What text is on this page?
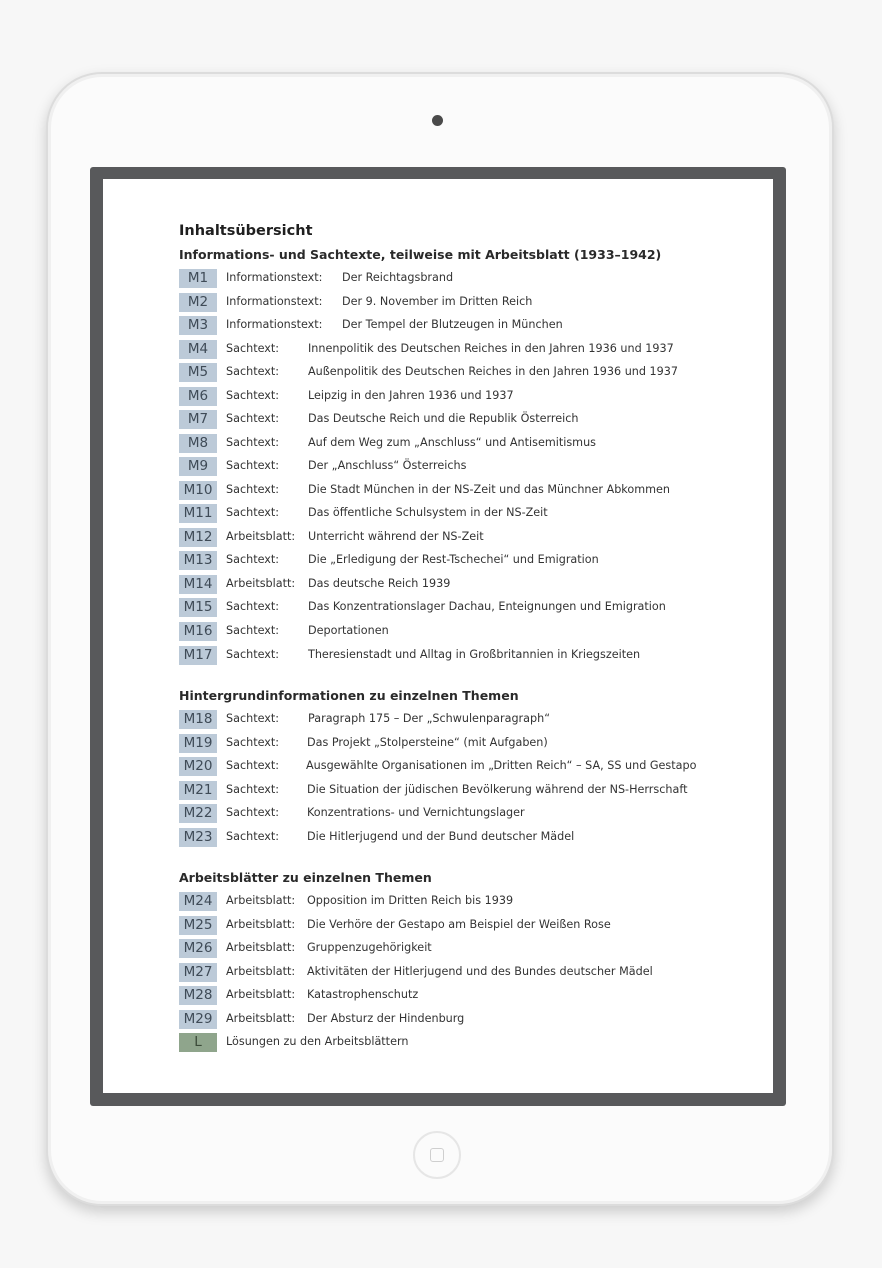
Inhaltsübersicht
Informations- und Sachtexte, teilweise mit Arbeitsblatt (1933–1942)
M1	Informationstext: Der Reichtagsbrand
M2	Informationstext: Der 9. November im Dritten Reich
M3	Informationstext: Der Tempel der Blutzeugen in München
M4	Sachtext:	Innenpolitik des Deutschen Reiches in den Jahren 1936 und 1937
M5	Sachtext:	Außenpolitik des Deutschen Reiches in den Jahren 1936 und 1937
M6	Sachtext:	Leipzig in den Jahren 1936 und 1937
M7	Sachtext:	Das Deutsche Reich und die Republik Österreich
M8	Sachtext:	Auf dem Weg zum „Anschluss“ und Antisemitismus
M9	Sachtext:	Der „Anschluss“ Österreichs
M10	Sachtext:	Die Stadt München in der NS-Zeit und das Münchner Abkommen
M11	Sachtext:	Das öffentliche Schulsystem in der NS-Zeit
M12	Arbeitsblatt: Unterricht während der NS-Zeit
M13	Sachtext:	Die „Erledigung der Rest-Tschechei“ und Emigration
M14	Arbeitsblatt: Das deutsche Reich 1939
M15	Sachtext:	Das Konzentrationslager Dachau, Enteignungen und Emigration
M16	Sachtext:	Deportationen
M17	Sachtext:	Theresienstadt und Alltag in Großbritannien in Kriegszeiten
Hintergrundinformationen zu einzelnen Themen
M18	Sachtext:	Paragraph 175 – Der „Schwulenparagraph“
M19	Sachtext: Das Projekt „Stolpersteine“ (mit Aufgaben)
M20	Sachtext: Ausgewählte Organisationen im „Dritten Reich“ – SA, SS und Gestapo
M21	Sachtext: Die Situation der jüdischen Bevölkerung während der NS-Herrschaft
M22	Sachtext: Konzentrations- und Vernichtungslager
M23	Sachtext: Die Hitlerjugend und der Bund deutscher Mädel
Arbeitsblätter zu einzelnen Themen
M24	Arbeitsblatt: Opposition im Dritten Reich bis 1939
M25	Arbeitsblatt: Die Verhöre der Gestapo am Beispiel der Weißen Rose
M26	Arbeitsblatt: Gruppenzugehörigkeit
M27	Arbeitsblatt: Aktivitäten der Hitlerjugend und des Bundes deutscher Mädel
M28	Arbeitsblatt: Katastrophenschutz
M29	Arbeitsblatt: Der Absturz der Hindenburg
L	Lösungen zu den Arbeitsblättern
